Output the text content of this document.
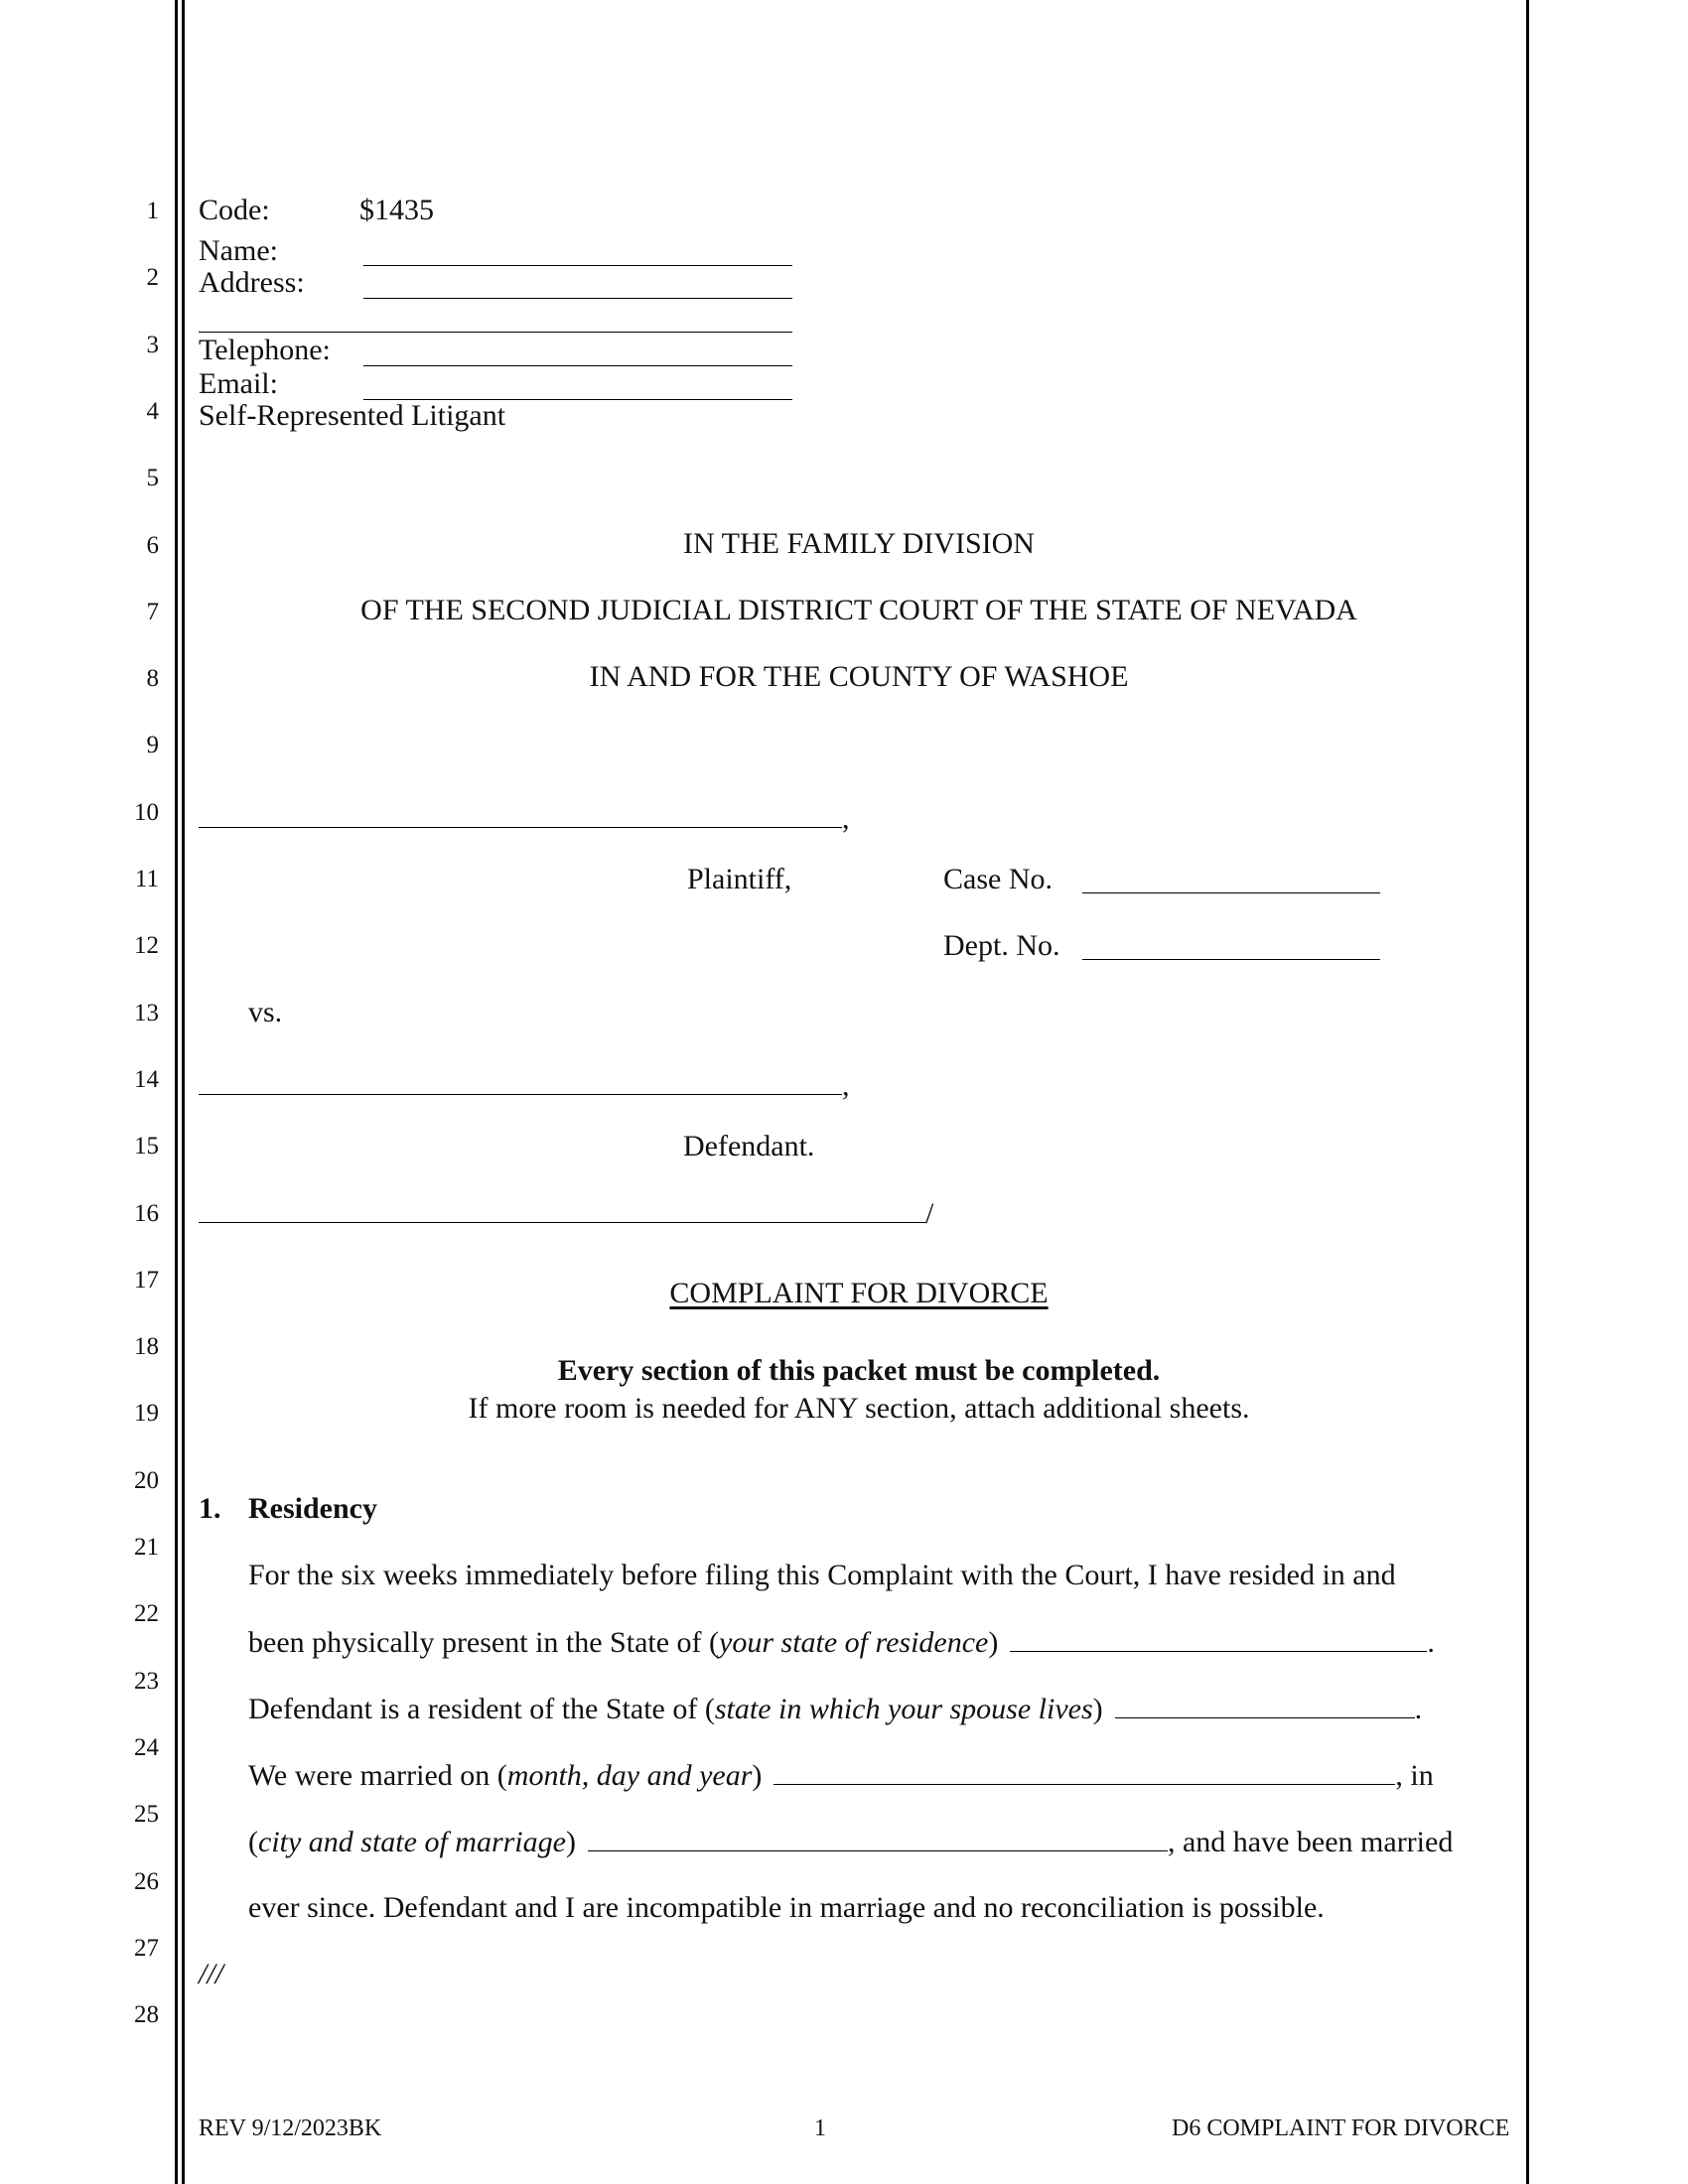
1
2
3
4
5
6
7
8
9
10
11
12
13
14
15
16
17
18
19
20
21
22
23
24
25
26
27
28
Code:	$1435
Name:
Address:
Telephone:
Email:
Self-Represented Litigant
IN THE FAMILY DIVISION
OF THE SECOND JUDICIAL DISTRICT COURT OF THE STATE OF NEVADA
IN AND FOR THE COUNTY OF WASHOE
,
Plaintiff,	Case No.
Dept. No.
vs.
,
Defendant.
/
COMPLAINT FOR DIVORCE
Every section of this packet must be completed.
If more room is needed for ANY section, attach additional sheets.
1. Residency
For the six weeks immediately before filing this Complaint with the Court, I have resided in and
been physically present in the State of (your state of residence)	.
Defendant is a resident of the State of (state in which your spouse lives)	.
We were married on (month, day and year)	, in
(city and state of marriage)	, and have been married
ever since. Defendant and I are incompatible in marriage and no reconciliation is possible.
///
REV 9/12/2023BK	1	D6 COMPLAINT FOR DIVORCE
